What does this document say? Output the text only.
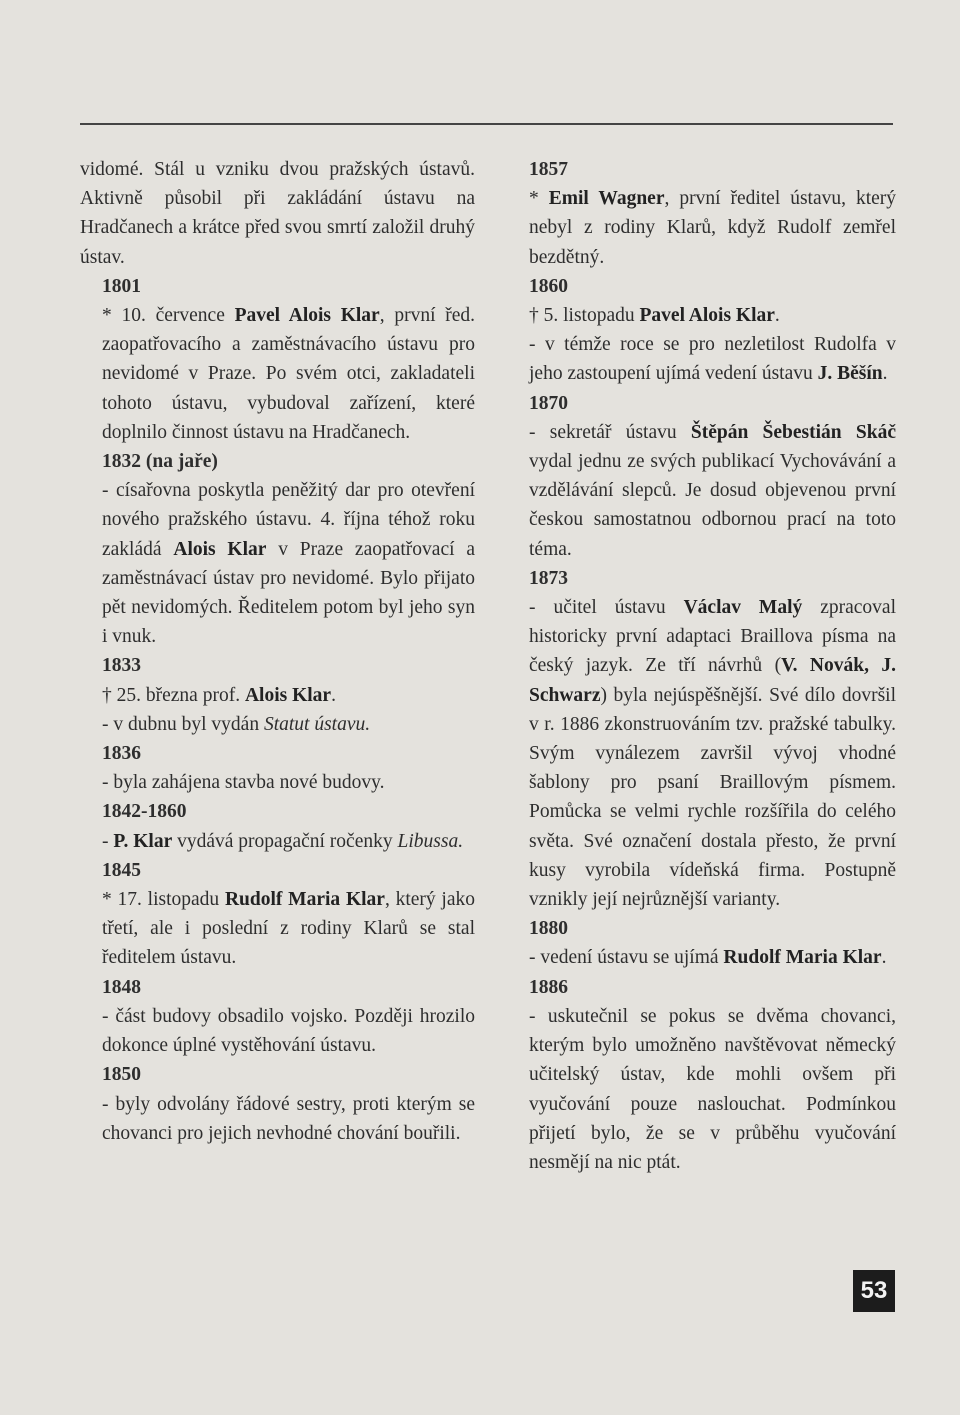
vidomé. Stál u vzniku dvou pražských ústavů. Aktivně působil při zakládání ústavu na Hradčanech a krátce před svou smrtí založil druhý ústav.

1801

* 10. července Pavel Alois Klar, první řed. zaopatřovacího a zaměstnávacího ústavu pro nevidomé v Praze. Po svém otci, zakladateli tohoto ústavu, vybudoval zařízení, které doplnilo činnost ústavu na Hradčanech.

1832 (na jaře)

- císařovna poskytla peněžitý dar pro otevření nového pražského ústavu. 4. října téhož roku zakládá Alois Klar v Praze zaopatřovací a zaměstnávací ústav pro nevidomé. Bylo přijato pět nevidomých. Ředitelem potom byl jeho syn i vnuk.

1833

† 25. března prof. Alois Klar.

- v dubnu byl vydán Statut ústavu.

1836

- byla zahájena stavba nové budovy.

1842-1860

- P. Klar vydává propagační ročenky Libussa.

1845

* 17. listopadu Rudolf Maria Klar, který jako třetí, ale i poslední z rodiny Klarů se stal ředitelem ústavu.

1848

- část budovy obsadilo vojsko. Později hrozilo dokonce úplné vystěhování ústavu.

1850

- byly odvolány řádové sestry, proti kterým se chovanci pro jejich nevhodné chování bouřili.

1857

* Emil Wagner, první ředitel ústavu, který nebyl z rodiny Klarů, když Rudolf zemřel bezdětný.

1860

† 5. listopadu Pavel Alois Klar.

- v témže roce se pro nezletilost Rudolfa v jeho zastoupení ujímá vedení ústavu J. Běšín.

1870

- sekretář ústavu Štěpán Šebestián Skáč vydal jednu ze svých publikací Vychovávání a vzdělávání slepců. Je dosud objevenou první českou samostatnou odbornou prací na toto téma.

1873

- učitel ústavu Václav Malý zpracoval historicky první adaptaci Braillova písma na český jazyk. Ze tří návrhů (V. Novák, J. Schwarz) byla nejúspěšnější. Své dílo dovršil v r. 1886 zkonstruováním tzv. pražské tabulky. Svým vynálezem završil vývoj vhodné šablony pro psaní Braillovým písmem. Pomůcka se velmi rychle rozšířila do celého světa. Své označení dostala přesto, že první kusy vyrobila vídeňská firma. Postupně vznikly její nejrůznější varianty.

1880

- vedení ústavu se ujímá Rudolf Maria Klar.

1886

- uskutečnil se pokus se dvěma chovanci, kterým bylo umožněno navštěvovat německý učitelský ústav, kde mohli ovšem při vyučování pouze naslouchat. Podmínkou přijetí bylo, že se v průběhu vyučování nesmějí na nic ptát.

53
